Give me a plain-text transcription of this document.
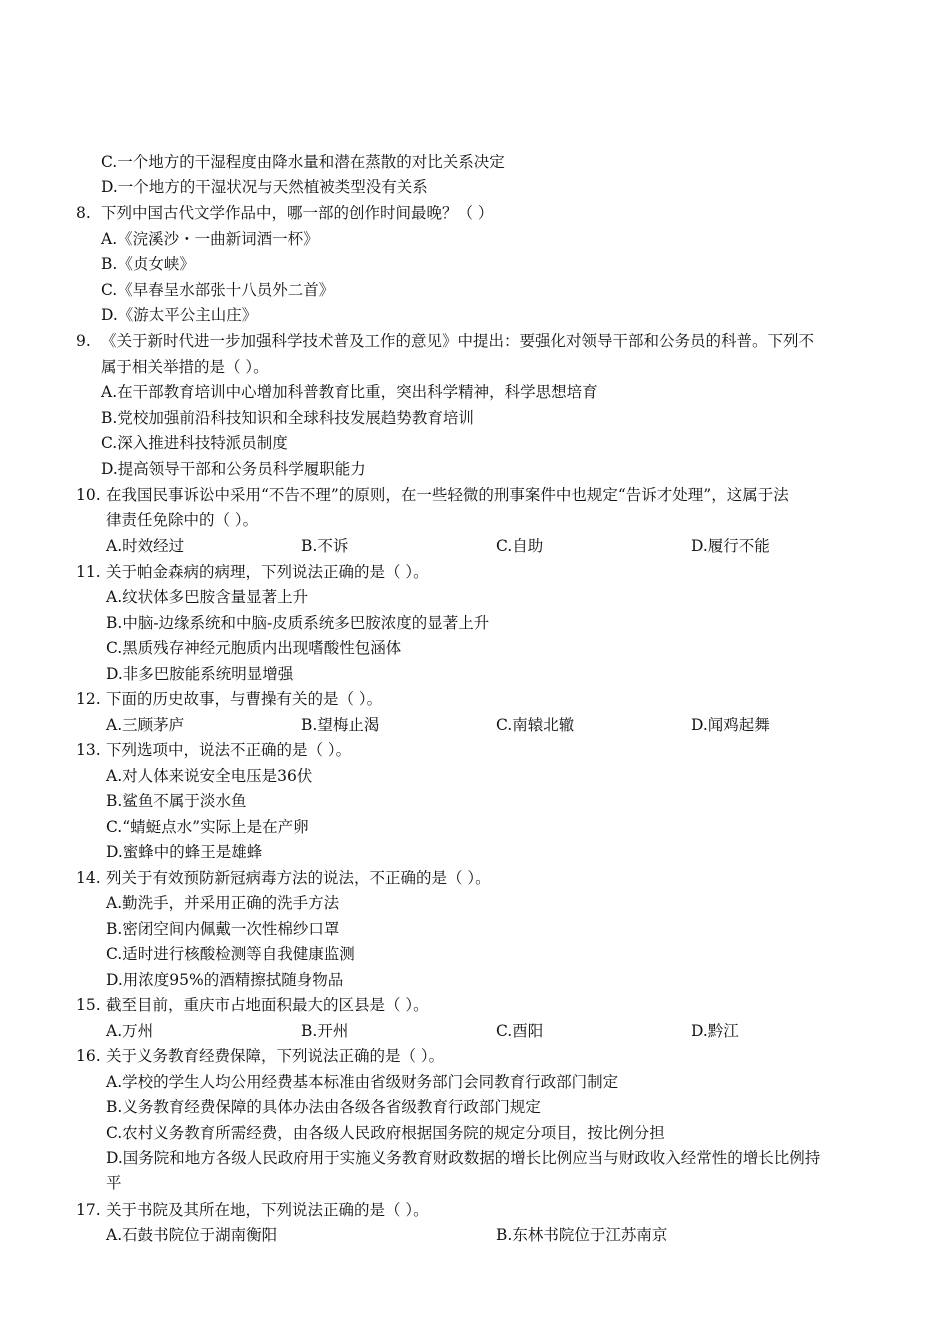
C.一个地方的干湿程度由降水量和潜在蒸散的对比关系决定
D.一个地方的干湿状况与天然植被类型没有关系
8. 下列中国古代文学作品中，哪一部的创作时间最晚？（ ）
A.《浣溪沙・一曲新词酒一杯》
B.《贞女峡》
C.《早春呈水部张十八员外二首》
D.《游太平公主山庄》
9. 《关于新时代进一步加强科学技术普及工作的意见》中提出：要强化对领导干部和公务员的科普。下列不
属于相关举措的是（ ）。
A.在干部教育培训中心增加科普教育比重，突出科学精神，科学思想培育
B.党校加强前沿科技知识和全球科技发展趋势教育培训
C.深入推进科技特派员制度
D.提高领导干部和公务员科学履职能力
10. 在我国民事诉讼中采用“不告不理”的原则，在一些轻微的刑事案件中也规定“告诉才处理”，这属于法
律责任免除中的（ ）。
A.时效经过	B.不诉	C.自助	D.履行不能
11. 关于帕金森病的病理，下列说法正确的是（ ）。
A.纹状体多巴胺含量显著上升
B.中脑-边缘系统和中脑-皮质系统多巴胺浓度的显著上升
C.黑质残存神经元胞质内出现嗜酸性包涵体
D.非多巴胺能系统明显增强
12. 下面的历史故事，与曹操有关的是（ ）。
A.三顾茅庐	B.望梅止渴	C.南辕北辙	D.闻鸡起舞
13. 下列选项中，说法不正确的是（ ）。
A.对人体来说安全电压是36伏
B.鲨鱼不属于淡水鱼
C.“蜻蜓点水”实际上是在产卵
D.蜜蜂中的蜂王是雄蜂
14. 列关于有效预防新冠病毒方法的说法，不正确的是（ ）。
A.勤洗手，并采用正确的洗手方法
B.密闭空间内佩戴一次性棉纱口罩
C.适时进行核酸检测等自我健康监测
D.用浓度95%的酒精擦拭随身物品
15. 截至目前，重庆市占地面积最大的区县是（ ）。
A.万州	B.开州	C.酉阳	D.黔江
16. 关于义务教育经费保障，下列说法正确的是（ ）。
A.学校的学生人均公用经费基本标准由省级财务部门会同教育行政部门制定
B.义务教育经费保障的具体办法由各级各省级教育行政部门规定
C.农村义务教育所需经费，由各级人民政府根据国务院的规定分项目，按比例分担
D.国务院和地方各级人民政府用于实施义务教育财政数据的增长比例应当与财政收入经常性的增长比例持
平
17. 关于书院及其所在地，下列说法正确的是（ ）。
A.石鼓书院位于湖南衡阳	B.东林书院位于江苏南京
